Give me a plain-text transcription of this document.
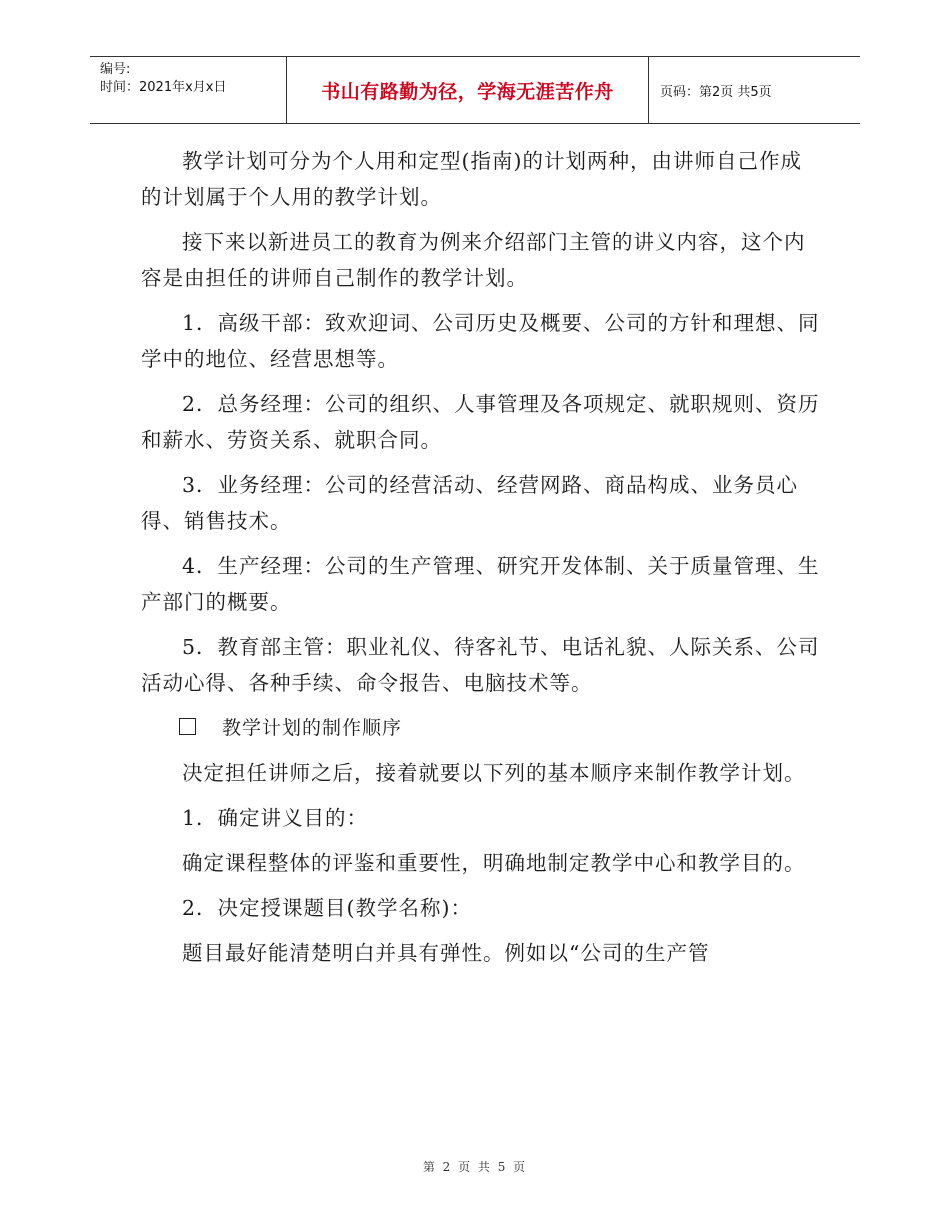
编号:
时间：2021年x月x日	书山有路勤为径，学海无涯苦作舟	页码：第2页 共5页

教学计划可分为个人用和定型(指南)的计划两种，由讲师自己作成的计划属于个人用的教学计划。

接下来以新进员工的教育为例来介绍部门主管的讲义内容，这个内容是由担任的讲师自己制作的教学计划。

1．高级干部：致欢迎词、公司历史及概要、公司的方针和理想、同学中的地位、经营思想等。

2．总务经理：公司的组织、人事管理及各项规定、就职规则、资历和薪水、劳资关系、就职合同。

3．业务经理：公司的经营活动、经营网路、商品构成、业务员心得、销售技术。

4．生产经理：公司的生产管理、研究开发体制、关于质量管理、生产部门的概要。

5．教育部主管：职业礼仪、待客礼节、电话礼貌、人际关系、公司活动心得、各种手续、命令报告、电脑技术等。

教学计划的制作顺序

决定担任讲师之后，接着就要以下列的基本顺序来制作教学计划。

1．确定讲义目的：

确定课程整体的评鉴和重要性，明确地制定教学中心和教学目的。

2．决定授课题目(教学名称)：

题目最好能清楚明白并具有弹性。例如以“公司的生产管

第 2 页 共 5 页
